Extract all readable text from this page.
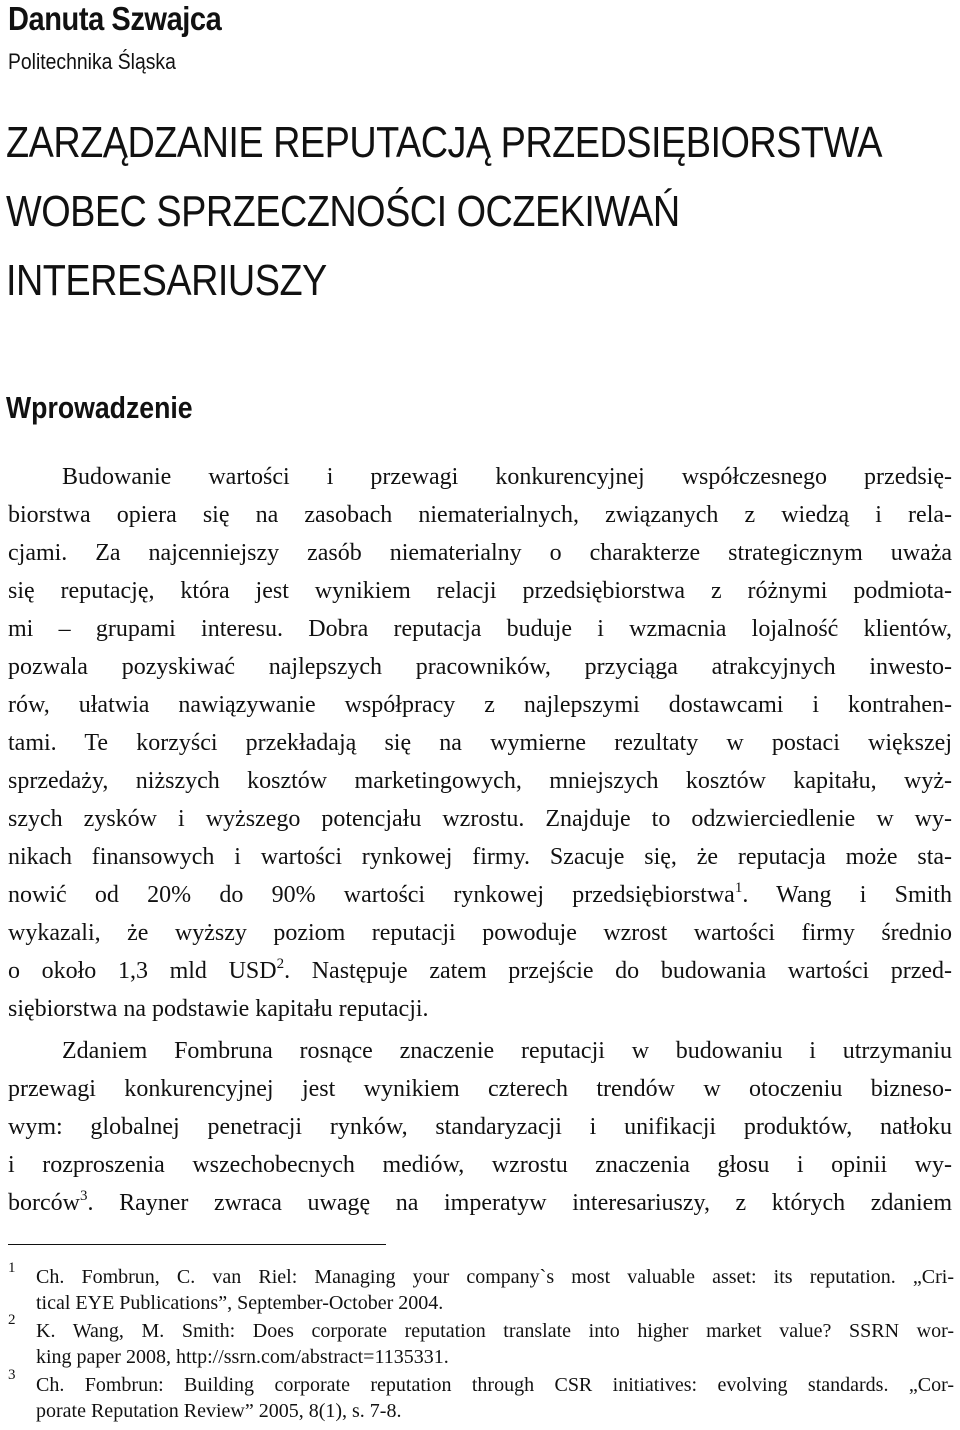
Danuta Szwajca
Politechnika Śląska
ZARZĄDZANIE REPUTACJĄ PRZEDSIĘBIORSTWA
WOBEC SPRZECZNOŚCI OCZEKIWAŃ
INTERESARIUSZY
Wprowadzenie
Budowanie wartości i przewagi konkurencyjnej współczesnego przedsię-
biorstwa opiera się na zasobach niematerialnych, związanych z wiedzą i rela-
cjami. Za najcenniejszy zasób niematerialny o charakterze strategicznym uważa
się reputację, która jest wynikiem relacji przedsiębiorstwa z różnymi podmiota-
mi – grupami interesu. Dobra reputacja buduje i wzmacnia lojalność klientów,
pozwala pozyskiwać najlepszych pracowników, przyciąga atrakcyjnych inwesto-
rów, ułatwia nawiązywanie współpracy z najlepszymi dostawcami i kontrahen-
tami. Te korzyści przekładają się na wymierne rezultaty w postaci większej
sprzedaży, niższych kosztów marketingowych, mniejszych kosztów kapitału, wyż-
szych zysków i wyższego potencjału wzrostu. Znajduje to odzwierciedlenie w wy-
nikach finansowych i wartości rynkowej firmy. Szacuje się, że reputacja może sta-
nowić od 20% do 90% wartości rynkowej przedsiębiorstwa$^1$. Wang i Smith
wykazali, że wyższy poziom reputacji powoduje wzrost wartości firmy średnio
o około 1,3 mld USD$^2$. Następuje zatem przejście do budowania wartości przed-
siębiorstwa na podstawie kapitału reputacji.
Zdaniem Fombruna rosnące znaczenie reputacji w budowaniu i utrzymaniu
przewagi konkurencyjnej jest wynikiem czterech trendów w otoczeniu bizneso-
wym: globalnej penetracji rynków, standaryzacji i unifikacji produktów, natłoku
i rozproszenia wszechobecnych mediów, wzrostu znaczenia głosu i opinii wy-
borców$^3$. Rayner zwraca uwagę na imperatyw interesariuszy, z których zdaniem
1 Ch. Fombrun, C. van Riel: Managing your company`s most valuable asset: its reputation. „Cri-
tical EYE Publications”, September-October 2004.
2 K. Wang, M. Smith: Does corporate reputation translate into higher market value? SSRN wor-
king paper 2008, http://ssrn.com/abstract=1135331.
3 Ch. Fombrun: Building corporate reputation through CSR initiatives: evolving standards. „Cor-
porate Reputation Review” 2005, 8(1), s. 7-8.
